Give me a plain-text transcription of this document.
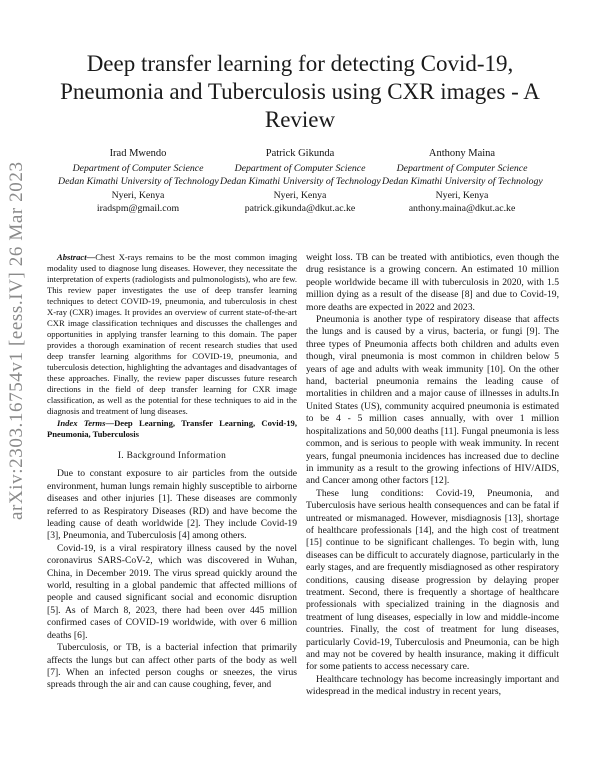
arXiv:2303.16754v1 [eess.IV] 26 Mar 2023
Deep transfer learning for detecting Covid-19, Pneumonia and Tuberculosis using CXR images - A Review
Irad Mwendo
Department of Computer Science
Dedan Kimathi University of Technology
Nyeri, Kenya
iradspm@gmail.com
Patrick Gikunda
Department of Computer Science
Dedan Kimathi University of Technology
Nyeri, Kenya
patrick.gikunda@dkut.ac.ke
Anthony Maina
Department of Computer Science
Dedan Kimathi University of Technology
Nyeri, Kenya
anthony.maina@dkut.ac.ke

Abstract—Chest X-rays remains to be the most common imaging modality used to diagnose lung diseases. However, they necessitate the interpretation of experts (radiologists and pulmonologists), who are few. This review paper investigates the use of deep transfer learning techniques to detect COVID-19, pneumonia, and tuberculosis in chest X-ray (CXR) images. It provides an overview of current state-of-the-art CXR image classification techniques and discusses the challenges and opportunities in applying transfer learning to this domain. The paper provides a thorough examination of recent research studies that used deep transfer learning algorithms for COVID-19, pneumonia, and tuberculosis detection, highlighting the advantages and disadvantages of these approaches. Finally, the review paper discusses future research directions in the field of deep transfer learning for CXR image classification, as well as the potential for these techniques to aid in the diagnosis and treatment of lung diseases.

Index Terms—Deep Learning, Transfer Learning, Covid-19, Pneumonia, Tuberculosis

I. Background Information

Due to constant exposure to air particles from the outside environment, human lungs remain highly susceptible to airborne diseases and other injuries [1]. These diseases are commonly referred to as Respiratory Diseases (RD) and have become the leading cause of death worldwide [2]. They include Covid-19 [3], Pneumonia, and Tuberculosis [4] among others.

Covid-19, is a viral respiratory illness caused by the novel coronavirus SARS-CoV-2, which was discovered in Wuhan, China, in December 2019. The virus spread quickly around the world, resulting in a global pandemic that affected millions of people and caused significant social and economic disruption [5]. As of March 8, 2023, there had been over 445 million confirmed cases of COVID-19 worldwide, with over 6 million deaths [6].

Tuberculosis, or TB, is a bacterial infection that primarily affects the lungs but can affect other parts of the body as well [7]. When an infected person coughs or sneezes, the virus spreads through the air and can cause coughing, fever, and

weight loss. TB can be treated with antibiotics, even though the drug resistance is a growing concern. An estimated 10 million people worldwide became ill with tuberculosis in 2020, with 1.5 million dying as a result of the disease [8] and due to Covid-19, more deaths are expected in 2022 and 2023.

Pneumonia is another type of respiratory disease that affects the lungs and is caused by a virus, bacteria, or fungi [9]. The three types of Pneumonia affects both children and adults even though, viral pneumonia is most common in children below 5 years of age and adults with weak immunity [10]. On the other hand, bacterial pneumonia remains the leading cause of mortalities in children and a major cause of illnesses in adults.In United States (US), community acquired pneumonia is estimated to be 4 - 5 million cases annually, with over 1 million hospitalizations and 50,000 deaths [11]. Fungal pneumonia is less common, and is serious to people with weak immunity. In recent years, fungal pneumonia incidences has increased due to decline in immunity as a result to the growing infections of HIV/AIDS, and Cancer among other factors [12].

These lung conditions: Covid-19, Pneumonia, and Tuberculosis have serious health consequences and can be fatal if untreated or mismanaged. However, misdiagnosis [13], shortage of healthcare professionals [14], and the high cost of treatment [15] continue to be significant challenges. To begin with, lung diseases can be difficult to accurately diagnose, particularly in the early stages, and are frequently misdiagnosed as other respiratory conditions, causing disease progression by delaying proper treatment. Second, there is frequently a shortage of healthcare professionals with specialized training in the diagnosis and treatment of lung diseases, especially in low and middle-income countries. Finally, the cost of treatment for lung diseases, particularly Covid-19, Tuberculosis and Pneumonia, can be high and may not be covered by health insurance, making it difficult for some patients to access necessary care.

Healthcare technology has become increasingly important and widespread in the medical industry in recent years,
